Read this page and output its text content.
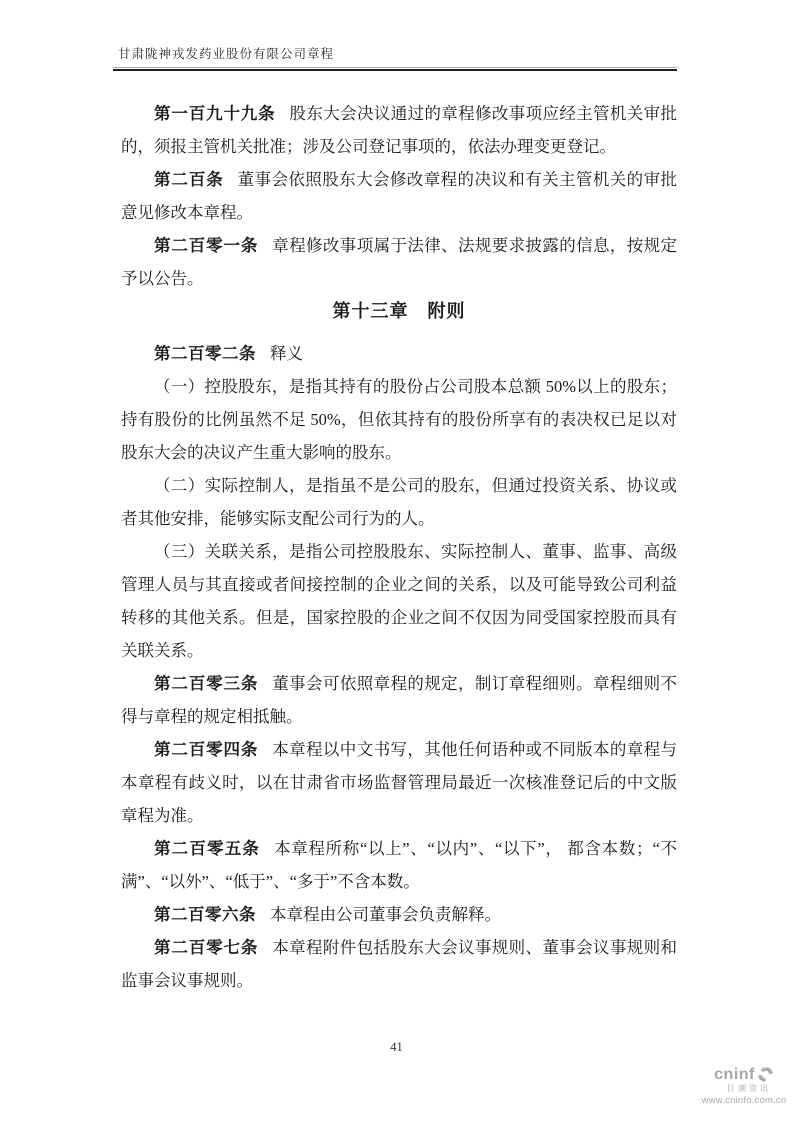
甘肃陇神戎发药业股份有限公司章程

第一百九十九条 股东大会决议通过的章程修改事项应经主管机关审批的，须报主管机关批准；涉及公司登记事项的，依法办理变更登记。

第二百条 董事会依照股东大会修改章程的决议和有关主管机关的审批意见修改本章程。

第二百零一条 章程修改事项属于法律、法规要求披露的信息，按规定予以公告。

第十三章　附则

第二百零二条 释义

（一）控股股东，是指其持有的股份占公司股本总额 50%以上的股东；持有股份的比例虽然不足 50%，但依其持有的股份所享有的表决权已足以对股东大会的决议产生重大影响的股东。

（二）实际控制人，是指虽不是公司的股东，但通过投资关系、协议或者其他安排，能够实际支配公司行为的人。

（三）关联关系，是指公司控股股东、实际控制人、董事、监事、高级管理人员与其直接或者间接控制的企业之间的关系，以及可能导致公司利益转移的其他关系。但是，国家控股的企业之间不仅因为同受国家控股而具有关联关系。

第二百零三条 董事会可依照章程的规定，制订章程细则。章程细则不得与章程的规定相抵触。

第二百零四条 本章程以中文书写，其他任何语种或不同版本的章程与本章程有歧义时，以在甘肃省市场监督管理局最近一次核准登记后的中文版章程为准。

第二百零五条 本章程所称“以上”、“以内”、“以下”， 都含本数；“不满”、“以外”、“低于”、“多于”不含本数。

第二百零六条 本章程由公司董事会负责解释。

第二百零七条 本章程附件包括股东大会议事规则、董事会议事规则和监事会议事规则。

41
cninf
巨潮资讯
www.cninfo.com.cn
